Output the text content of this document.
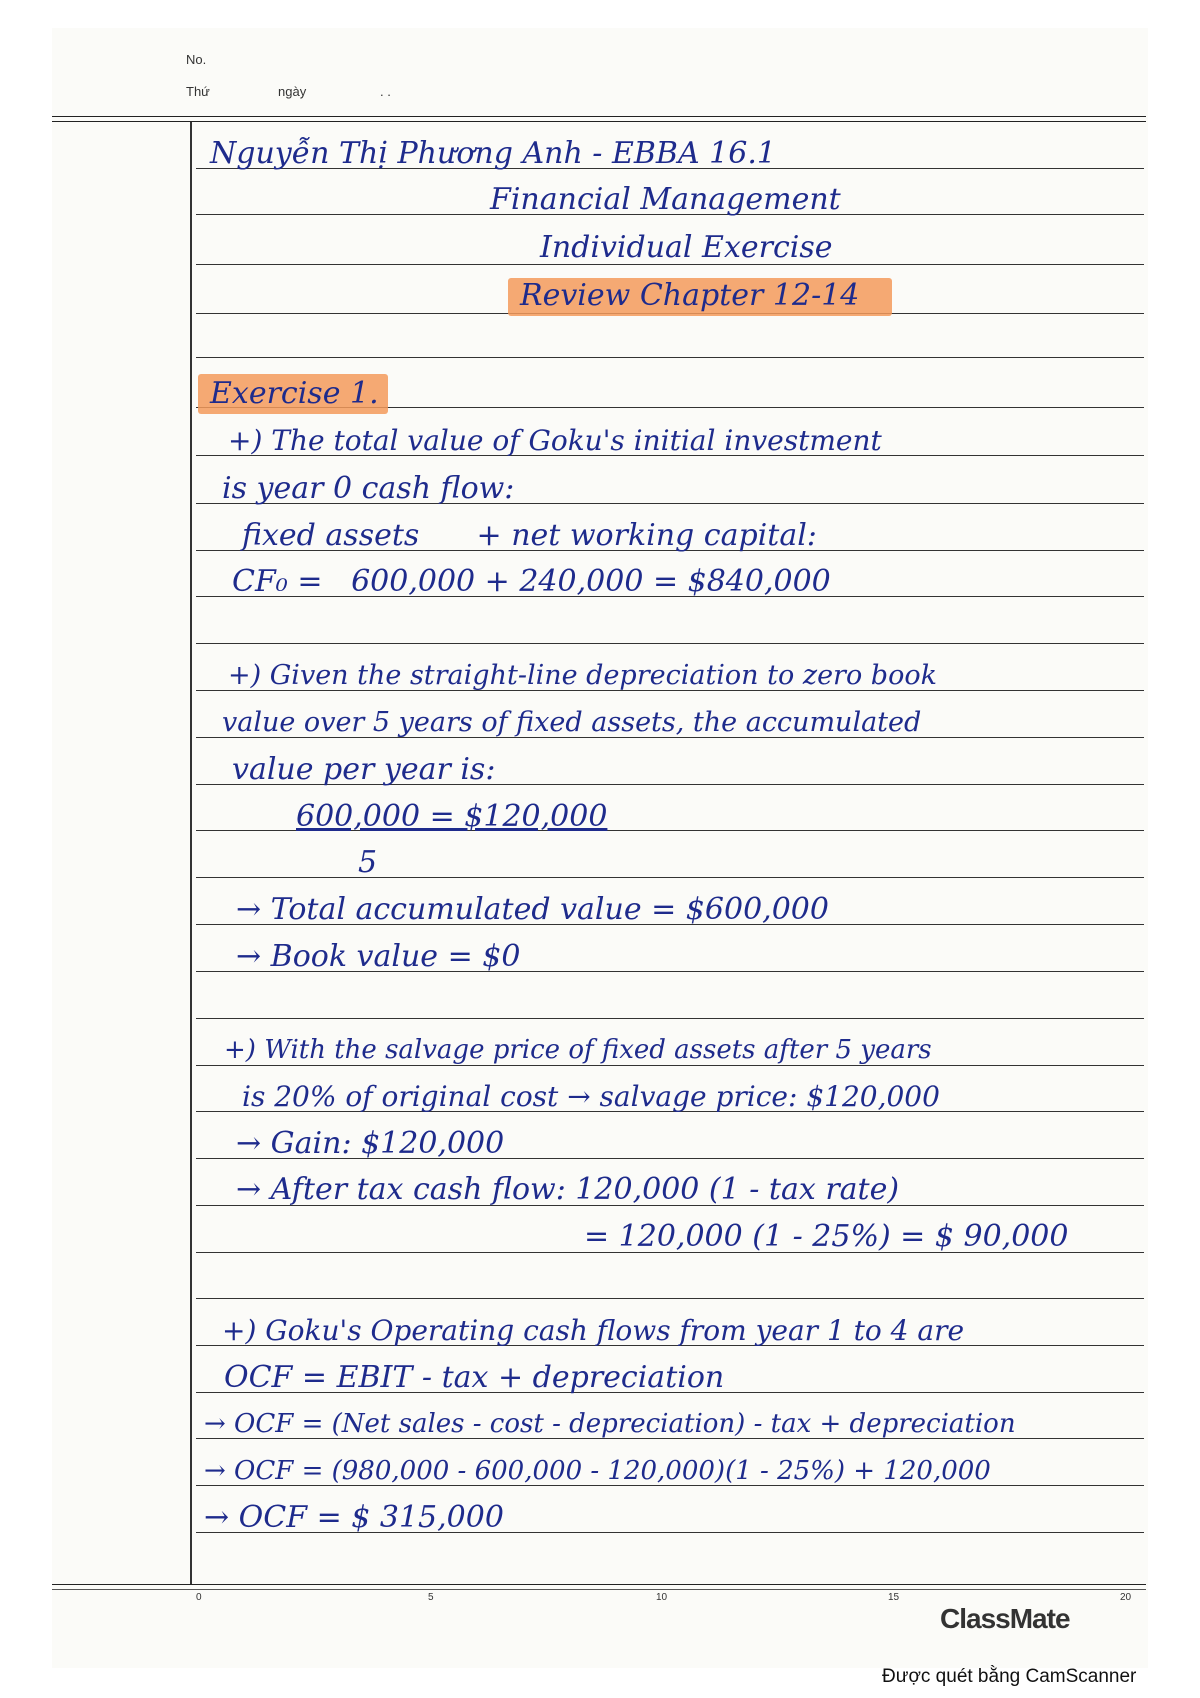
No.
Thứ	ngày	. .
Nguyễn Thị Phương Anh - EBBA 16.1
Financial Management
Individual Exercise
Review Chapter 12-14
Exercise 1.
+) The total value of Goku's initial investment
is year 0 cash flow:
fixed assets      + net working capital:
CF₀ =   600,000 + 240,000 = $840,000
+) Given the straight-line depreciation to zero book
value over 5 years of fixed assets, the accumulated
value per year is:
600,000 = $120,000
5
→ Total accumulated value = $600,000
→ Book value = $0
+) With the salvage price of fixed assets after 5 years
is 20% of original cost → salvage price: $120,000
→ Gain: $120,000
→ After tax cash flow: 120,000 (1 - tax rate)
= 120,000 (1 - 25%) = $ 90,000
+) Goku's Operating cash flows from year 1 to 4 are
OCF = EBIT - tax + depreciation
→ OCF = (Net sales - cost - depreciation) - tax + depreciation
→ OCF = (980,000 - 600,000 - 120,000)(1 - 25%) + 120,000
→ OCF = $ 315,000
0	5	10	15	20
ClassMate
Được quét bằng CamScanner
